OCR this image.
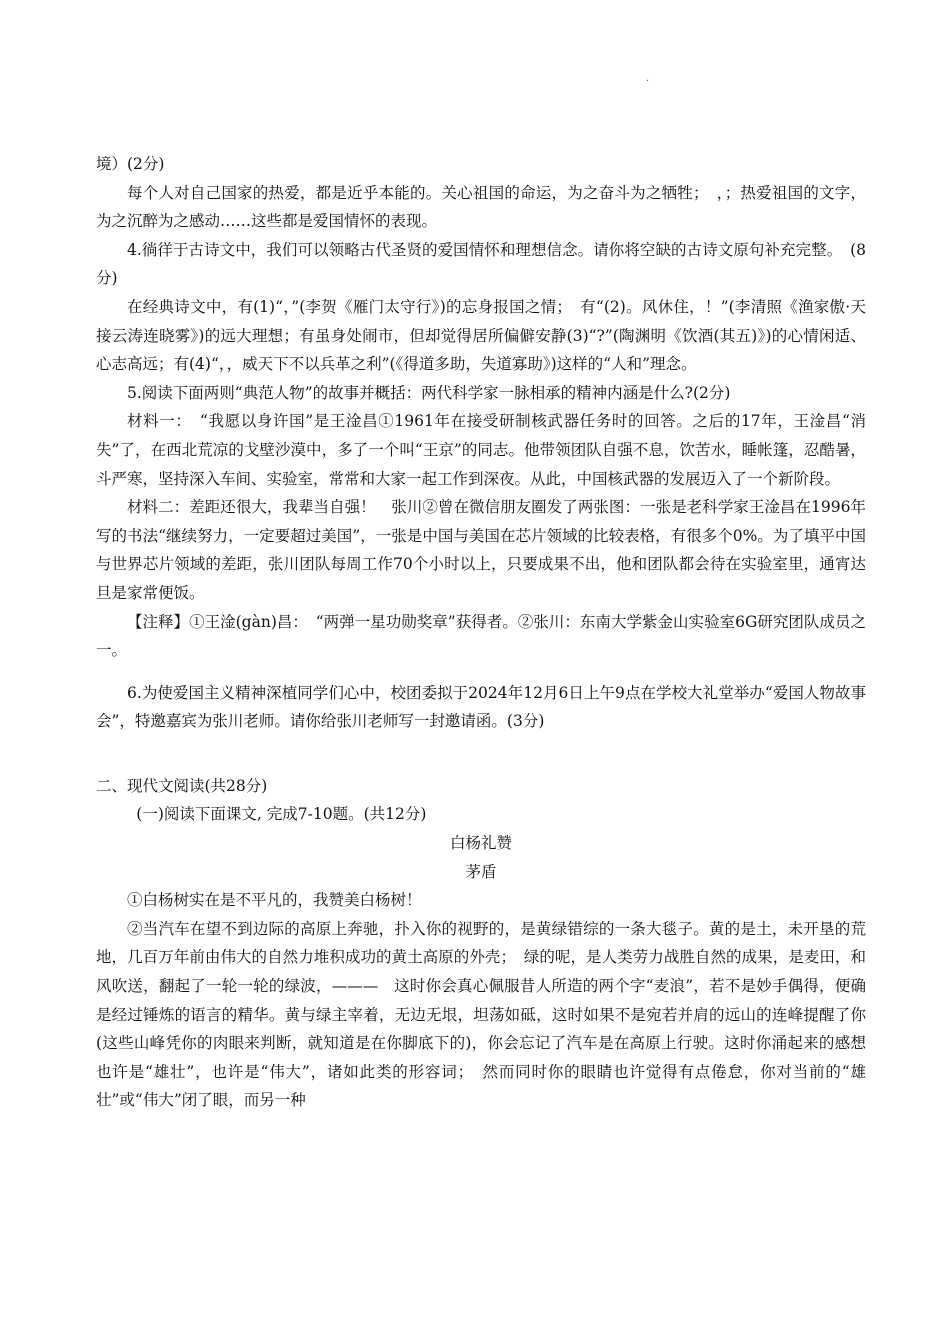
·

境）(2分)

每个人对自己国家的热爱，都是近乎本能的。关心祖国的命运，为之奋斗为之牺牲；　，；热爱祖国的文字，为之沉醉为之感动……这些都是爱国情怀的表现。

4.徜徉于古诗文中，我们可以领略古代圣贤的爱国情怀和理想信念。请你将空缺的古诗文原句补充完整。　(8分)

在经典诗文中，有(1)“，”(李贺《雁门太守行》)的忘身报国之情；　有“(2)。风休住，！”(李清照《渔家傲·天接云涛连晓雾》)的远大理想；有虽身处闹市，但却觉得居所偏僻安静(3)“?”(陶渊明《饮酒(其五)》)的心情闲适、心志高远；有(4)“，，威天下不以兵革之利”(《得道多助，失道寡助》)这样的“人和”理念。

5.阅读下面两则“典范人物”的故事并概括：两代科学家一脉相承的精神内涵是什么?(2分)

材料一：　“我愿以身许国”是王淦昌①1961年在接受研制核武器任务时的回答。之后的17年，王淦昌“消失”了，在西北荒凉的戈壁沙漠中，多了一个叫“王京”的同志。他带领团队自强不息，饮苦水，睡帐篷，忍酷暑，斗严寒，坚持深入车间、实验室，常常和大家一起工作到深夜。从此，中国核武器的发展迈入了一个新阶段。

材料二：差距还很大，我辈当自强！　张川②曾在微信朋友圈发了两张图：一张是老科学家王淦昌在1996年写的书法“继续努力，一定要超过美国”，一张是中国与美国在芯片领域的比较表格，有很多个0%。为了填平中国与世界芯片领域的差距，张川团队每周工作70个小时以上，只要成果不出，他和团队都会待在实验室里，通宵达旦是家常便饭。

【注释】①王淦(gàn)昌：　“两弹一星功勋奖章”获得者。②张川：东南大学紫金山实验室6G研究团队成员之一。

6.为使爱国主义精神深植同学们心中，校团委拟于2024年12月6日上午9点在学校大礼堂举办“爱国人物故事会”，特邀嘉宾为张川老师。请你给张川老师写一封邀请函。(3分)

二、现代文阅读(共28分)

(一)阅读下面课文, 完成7-10题。(共12分)

白杨礼赞

茅盾

①白杨树实在是不平凡的，我赞美白杨树！

②当汽车在望不到边际的高原上奔驰，扑入你的视野的，是黄绿错综的一条大毯子。黄的是土，未开垦的荒地，几百万年前由伟大的自然力堆积成功的黄土高原的外壳；　绿的呢，是人类劳力战胜自然的成果，是麦田，和风吹送，翻起了一轮一轮的绿波，———　这时你会真心佩服昔人所造的两个字“麦浪”，若不是妙手偶得，便确是经过锤炼的语言的精华。黄与绿主宰着，无边无垠，坦荡如砥，这时如果不是宛若并肩的远山的连峰提醒了你(这些山峰凭你的肉眼来判断，就知道是在你脚底下的)，你会忘记了汽车是在高原上行驶。这时你涌起来的感想也许是“雄壮”，也许是“伟大”，诸如此类的形容词；　然而同时你的眼睛也许觉得有点倦怠，你对当前的“雄壮”或“伟大”闭了眼，而另一种
